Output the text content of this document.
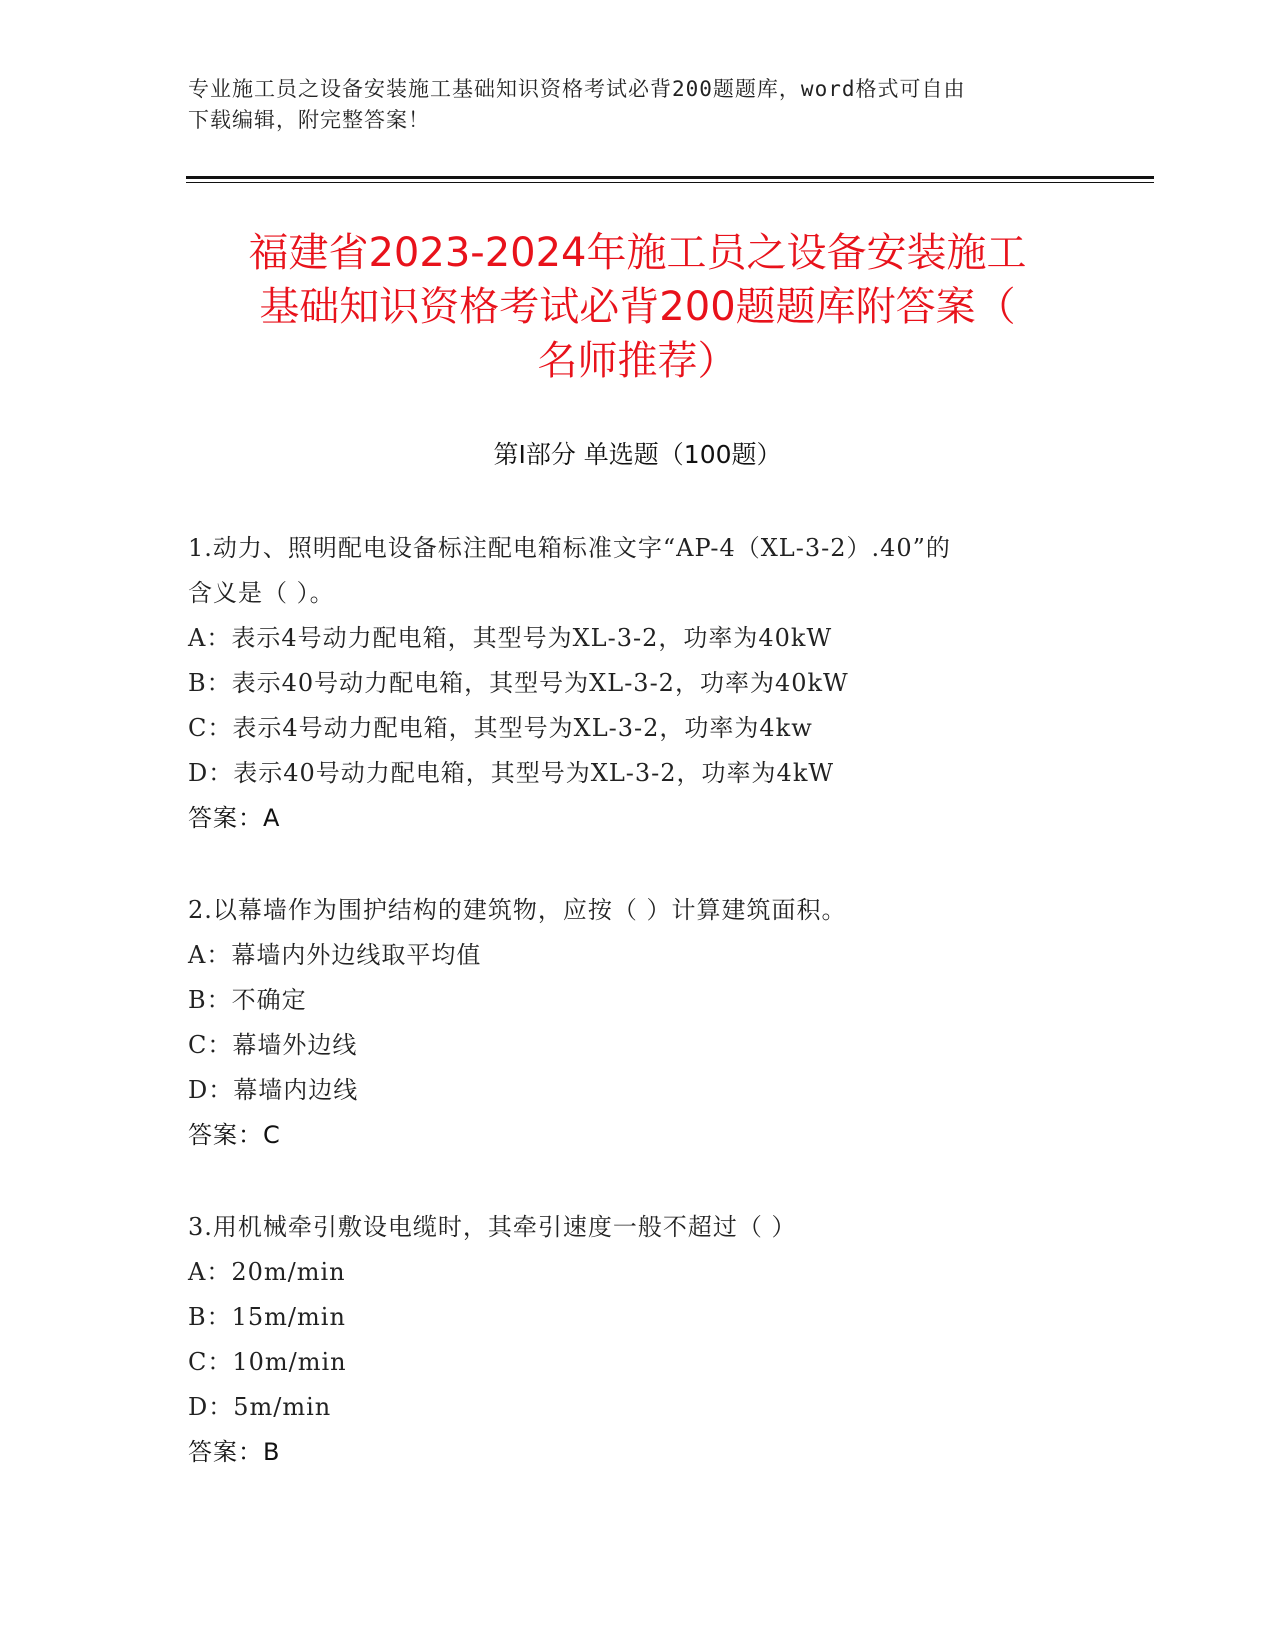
专业施工员之设备安装施工基础知识资格考试必背200题题库，word格式可自由
下载编辑，附完整答案！
福建省2023-2024年施工员之设备安装施工
基础知识资格考试必背200题题库附答案（
名师推荐）
第Ⅰ部分 单选题（100题）
1.动力、照明配电设备标注配电箱标准文字“AP-4（XL-3-2）.40”的
含义是（ ）。
A：表示4号动力配电箱，其型号为XL-3-2，功率为40kW
B：表示40号动力配电箱，其型号为XL-3-2，功率为40kW
C：表示4号动力配电箱，其型号为XL-3-2，功率为4kw
D：表示40号动力配电箱，其型号为XL-3-2，功率为4kW
答案：A
2.以幕墙作为围护结构的建筑物，应按（ ）计算建筑面积。
A：幕墙内外边线取平均值
B：不确定
C：幕墙外边线
D：幕墙内边线
答案：C
3.用机械牵引敷设电缆时，其牵引速度一般不超过（ ）
A：20m/min
B：15m/min
C：10m/min
D：5m/min
答案：B
